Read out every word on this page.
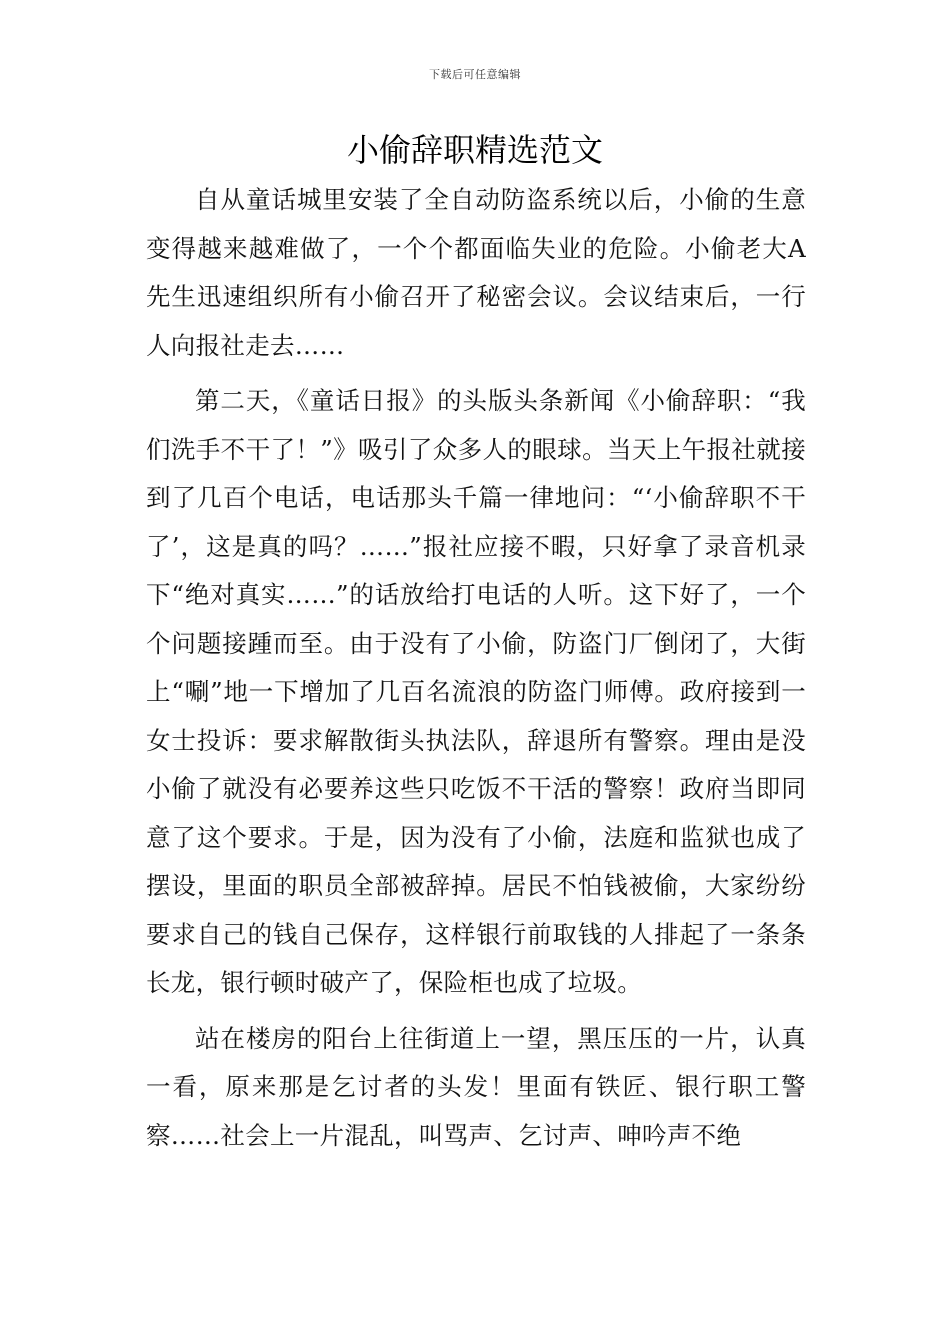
下载后可任意编辑
小偷辞职精选范文

自从童话城里安装了全自动防盗系统以后，小偷的生意变得越来越难做了，一个个都面临失业的危险。小偷老大A先生迅速组织所有小偷召开了秘密会议。会议结束后，一行人向报社走去……

第二天，《童话日报》的头版头条新闻《小偷辞职：“我们洗手不干了！”》吸引了众多人的眼球。当天上午报社就接到了几百个电话，电话那头千篇一律地问：“‘小偷辞职不干了’，这是真的吗？……”报社应接不暇，只好拿了录音机录下“绝对真实……”的话放给打电话的人听。这下好了，一个个问题接踵而至。由于没有了小偷，防盗门厂倒闭了，大街上“唰”地一下增加了几百名流浪的防盗门师傅。政府接到一女士投诉：要求解散街头执法队，辞退所有警察。理由是没小偷了就没有必要养这些只吃饭不干活的警察！政府当即同意了这个要求。于是，因为没有了小偷，法庭和监狱也成了摆设，里面的职员全部被辞掉。居民不怕钱被偷，大家纷纷要求自己的钱自己保存，这样银行前取钱的人排起了一条条长龙，银行顿时破产了，保险柜也成了垃圾。

站在楼房的阳台上往街道上一望，黑压压的一片，认真一看，原来那是乞讨者的头发！里面有铁匠、银行职工警察……社会上一片混乱，叫骂声、乞讨声、呻吟声不绝
